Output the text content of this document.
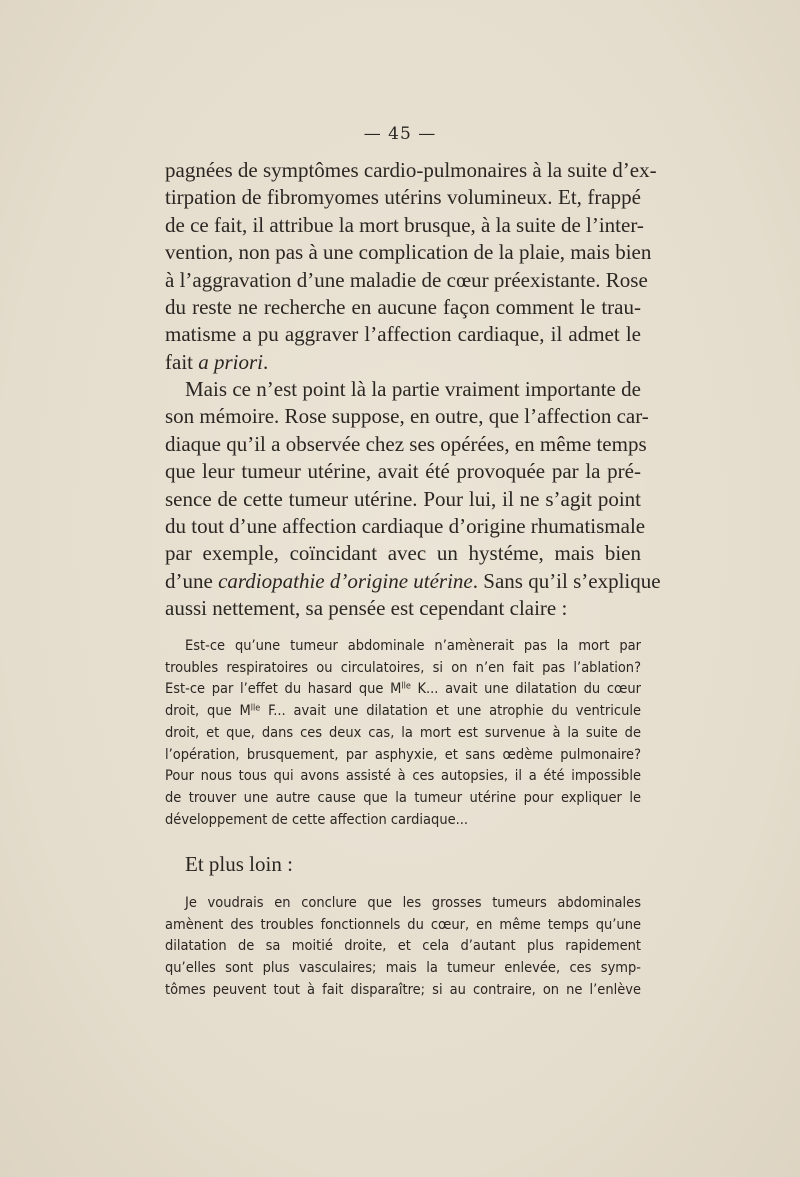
— 45 —
pagnées de symptômes cardio-pulmonaires à la suite d’ex-
tirpation de fibromyomes utérins volumineux. Et, frappé
de ce fait, il attribue la mort brusque, à la suite de l’inter-
vention, non pas à une complication de la plaie, mais bien
à l’aggravation d’une maladie de cœur préexistante. Rose
du reste ne recherche en aucune façon comment le trau-
matisme a pu aggraver l’affection cardiaque, il admet le
fait a priori.
Mais ce n’est point là la partie vraiment importante de
son mémoire. Rose suppose, en outre, que l’affection car-
diaque qu’il a observée chez ses opérées, en même temps
que leur tumeur utérine, avait été provoquée par la pré-
sence de cette tumeur utérine. Pour lui, il ne s’agit point
du tout d’une affection cardiaque d’origine rhumatismale
par exemple, coïncidant avec un hystéme, mais bien
d’une cardiopathie d’origine utérine. Sans qu’il s’explique
aussi nettement, sa pensée est cependant claire :
Est-ce qu’une tumeur abdominale n’amènerait pas la mort par
troubles respiratoires ou circulatoires, si on n’en fait pas l’ablation?
Est-ce par l’effet du hasard que $M^{lle}$ K... avait une dilatation du cœur
droit, que $M^{lle}$ F... avait une dilatation et une atrophie du ventricule
droit, et que, dans ces deux cas, la mort est survenue à la suite de
l’opération, brusquement, par asphyxie, et sans œdème pulmonaire?
Pour nous tous qui avons assisté à ces autopsies, il a été impossible
de trouver une autre cause que la tumeur utérine pour expliquer le
développement de cette affection cardiaque...
Et plus loin :
Je voudrais en conclure que les grosses tumeurs abdominales
amènent des troubles fonctionnels du cœur, en même temps qu’une
dilatation de sa moitié droite, et cela d’autant plus rapidement
qu’elles sont plus vasculaires; mais la tumeur enlevée, ces symp-
tômes peuvent tout à fait disparaître; si au contraire, on ne l’enlève
